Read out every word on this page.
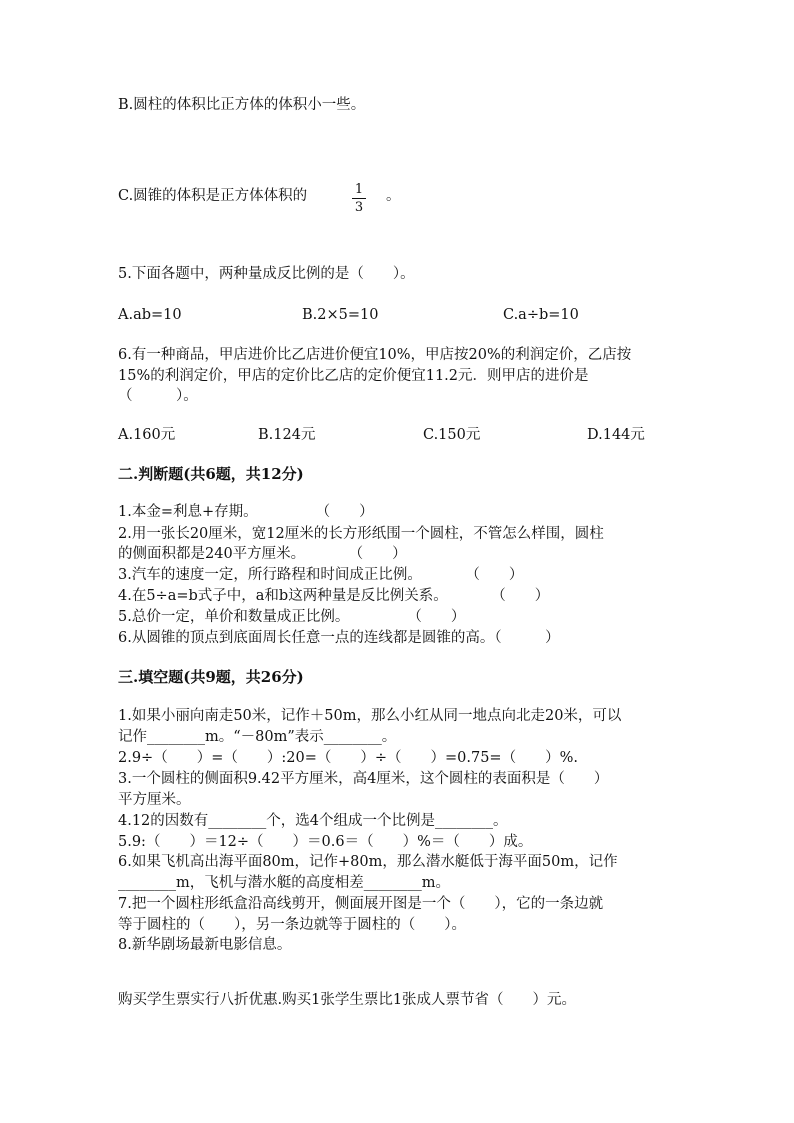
B.圆柱的体积比正方体的体积小一些。
C.圆锥的体积是正方体体积的	1
3
。
5.下面各题中，两种量成反比例的是（　　）。
A.ab=10	B.2×5=10	C.a÷b=10
6.有一种商品，甲店进价比乙店进价便宜10%，甲店按20%的利润定价，乙店按
15%的利润定价，甲店的定价比乙店的定价便宜11.2元．则甲店的进价是
（　　　）。
A.160元	B.124元	C.150元	D.144元
二.判断题(共6题，共12分)
1.本金=利息+存期。　　　　　（　　）
2.用一张长20厘米，宽12厘米的长方形纸围一个圆柱，不管怎么样围，圆柱
的侧面积都是240平方厘米。　　　　（　　）
3.汽车的速度一定，所行路程和时间成正比例。　　　　（　　）
4.在5÷a=b式子中，a和b这两种量是反比例关系。　　　　（　　）
5.总价一定，单价和数量成正比例。　　　　　（　　）
6.从圆锥的顶点到底面周长任意一点的连线都是圆锥的高。（　　　）
三.填空题(共9题，共26分)
1.如果小丽向南走50米，记作＋50m，那么小红从同一地点向北走20米，可以
记作________m。“－80m”表示________。
2.9÷（　　）=（　　）:20=（　　）÷（　　）=0.75=（　　）%.
3.一个圆柱的侧面积9.42平方厘米，高4厘米，这个圆柱的表面积是（　　）
平方厘米。
4.12的因数有________个，选4个组成一个比例是________。
5.9:（　　）＝12÷（　　）＝0.6＝（　　）%＝（　　）成。
6.如果飞机高出海平面80m，记作+80m，那么潜水艇低于海平面50m，记作
________m，飞机与潜水艇的高度相差________m。
7.把一个圆柱形纸盒沿高线剪开，侧面展开图是一个（　　），它的一条边就
等于圆柱的（　　），另一条边就等于圆柱的（　　）。
8.新华剧场最新电影信息。
购买学生票实行八折优惠.购买1张学生票比1张成人票节省（　　）元。
